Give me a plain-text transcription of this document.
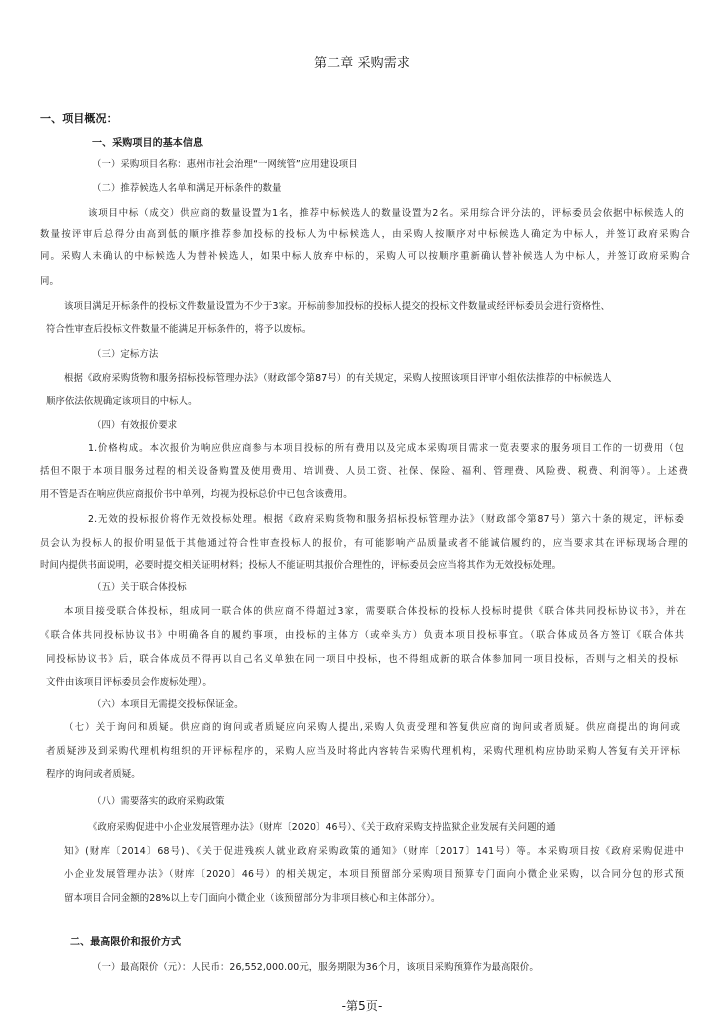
第二章 采购需求
一、项目概况：
一、采购项目的基本信息
（一）采购项目名称：惠州市社会治理“一网统管”应用建设项目
（二）推荐候选人名单和满足开标条件的数量
该项目中标（成交）供应商的数量设置为1名，推荐中标候选人的数量设置为2名。采用综合评分法的，评标委员会依据中标候选人的
数量按评审后总得分由高到低的顺序推荐参加投标的投标人为中标候选人，由采购人按顺序对中标候选人确定为中标人，并签订政府采购合
同。采购人未确认的中标候选人为替补候选人，如果中标人放弃中标的，采购人可以按顺序重新确认替补候选人为中标人，并签订政府采购合
同。
该项目满足开标条件的投标文件数量设置为不少于3家。开标前参加投标的投标人提交的投标文件数量或经评标委员会进行资格性、
符合性审查后投标文件数量不能满足开标条件的，将予以废标。
（三）定标方法
根据《政府采购货物和服务招标投标管理办法》（财政部令第87号）的有关规定，采购人按照该项目评审小组依法推荐的中标候选人
顺序依法依规确定该项目的中标人。
（四）有效报价要求
1.价格构成。本次报价为响应供应商参与本项目投标的所有费用以及完成本采购项目需求一览表要求的服务项目工作的一切费用（包
括但不限于本项目服务过程的相关设备购置及使用费用、培训费、人员工资、社保、保险、福利、管理费、风险费、税费、利润等）。上述费
用不管是否在响应供应商报价书中单列，均视为投标总价中已包含该费用。
2.无效的投标报价将作无效投标处理。根据《政府采购货物和服务招标投标管理办法》（财政部令第87号）第六十条的规定，评标委
员会认为投标人的报价明显低于其他通过符合性审查投标人的报价，有可能影响产品质量或者不能诚信履约的，应当要求其在评标现场合理的
时间内提供书面说明，必要时提交相关证明材料；投标人不能证明其报价合理性的，评标委员会应当将其作为无效投标处理。
（五）关于联合体投标
本项目接受联合体投标，组成同一联合体的供应商不得超过3家，需要联合体投标的投标人投标时提供《联合体共同投标协议书》，并在
《联合体共同投标协议书》中明确各自的履约事项，由投标的主体方（或牵头方）负责本项目投标事宜。（联合体成员各方签订《联合体共
同投标协议书》后，联合体成员不得再以自己名义单独在同一项目中投标，也不得组成新的联合体参加同一项目投标，否则与之相关的投标
文件由该项目评标委员会作废标处理）。
（六）本项目无需提交投标保证金。
（七）关于询问和质疑。供应商的询问或者质疑应向采购人提出,采购人负责受理和答复供应商的询问或者质疑。供应商提出的询问或
者质疑涉及到采购代理机构组织的开评标程序的，采购人应当及时将此内容转告采购代理机构，采购代理机构应协助采购人答复有关开评标
程序的询问或者质疑。
（八）需要落实的政府采购政策
《政府采购促进中小企业发展管理办法》（财库〔2020〕46号）、《关于政府采购支持监狱企业发展有关问题的通
知》(财库〔2014〕68号)、《关于促进残疾人就业政府采购政策的通知》（财库〔2017〕141号）等。本采购项目按《政府采购促进中
小企业发展管理办法》（财库〔2020〕46号）的相关规定，本项目预留部分采购项目预算专门面向小微企业采购，以合同分包的形式预
留本项目合同金额的28%以上专门面向小微企业（该预留部分为非项目核心和主体部分）。
二、最高限价和报价方式
（一）最高限价（元）：人民币：26,552,000.00元，服务期限为36个月，该项目采购预算作为最高限价。
-第5页-
